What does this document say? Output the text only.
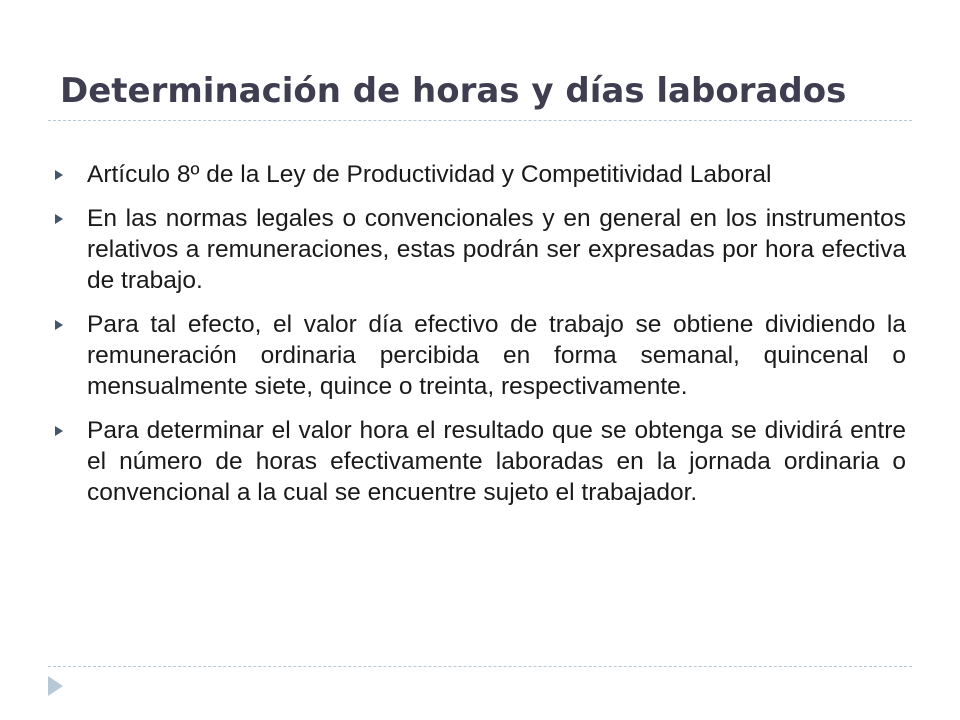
Determinación de horas y días laborados
Artículo 8º de la Ley de Productividad y Competitividad Laboral
En las normas legales o convencionales y en general en los instrumentos relativos a remuneraciones, estas podrán ser expresadas por hora efectiva de trabajo.
Para tal efecto, el valor día efectivo de trabajo se obtiene dividiendo la remuneración ordinaria percibida en forma semanal, quincenal o mensualmente siete, quince o treinta, respectivamente.
Para determinar el valor hora el resultado que se obtenga se dividirá entre el número de horas efectivamente laboradas en la jornada ordinaria o convencional a la cual se encuentre sujeto el trabajador.
